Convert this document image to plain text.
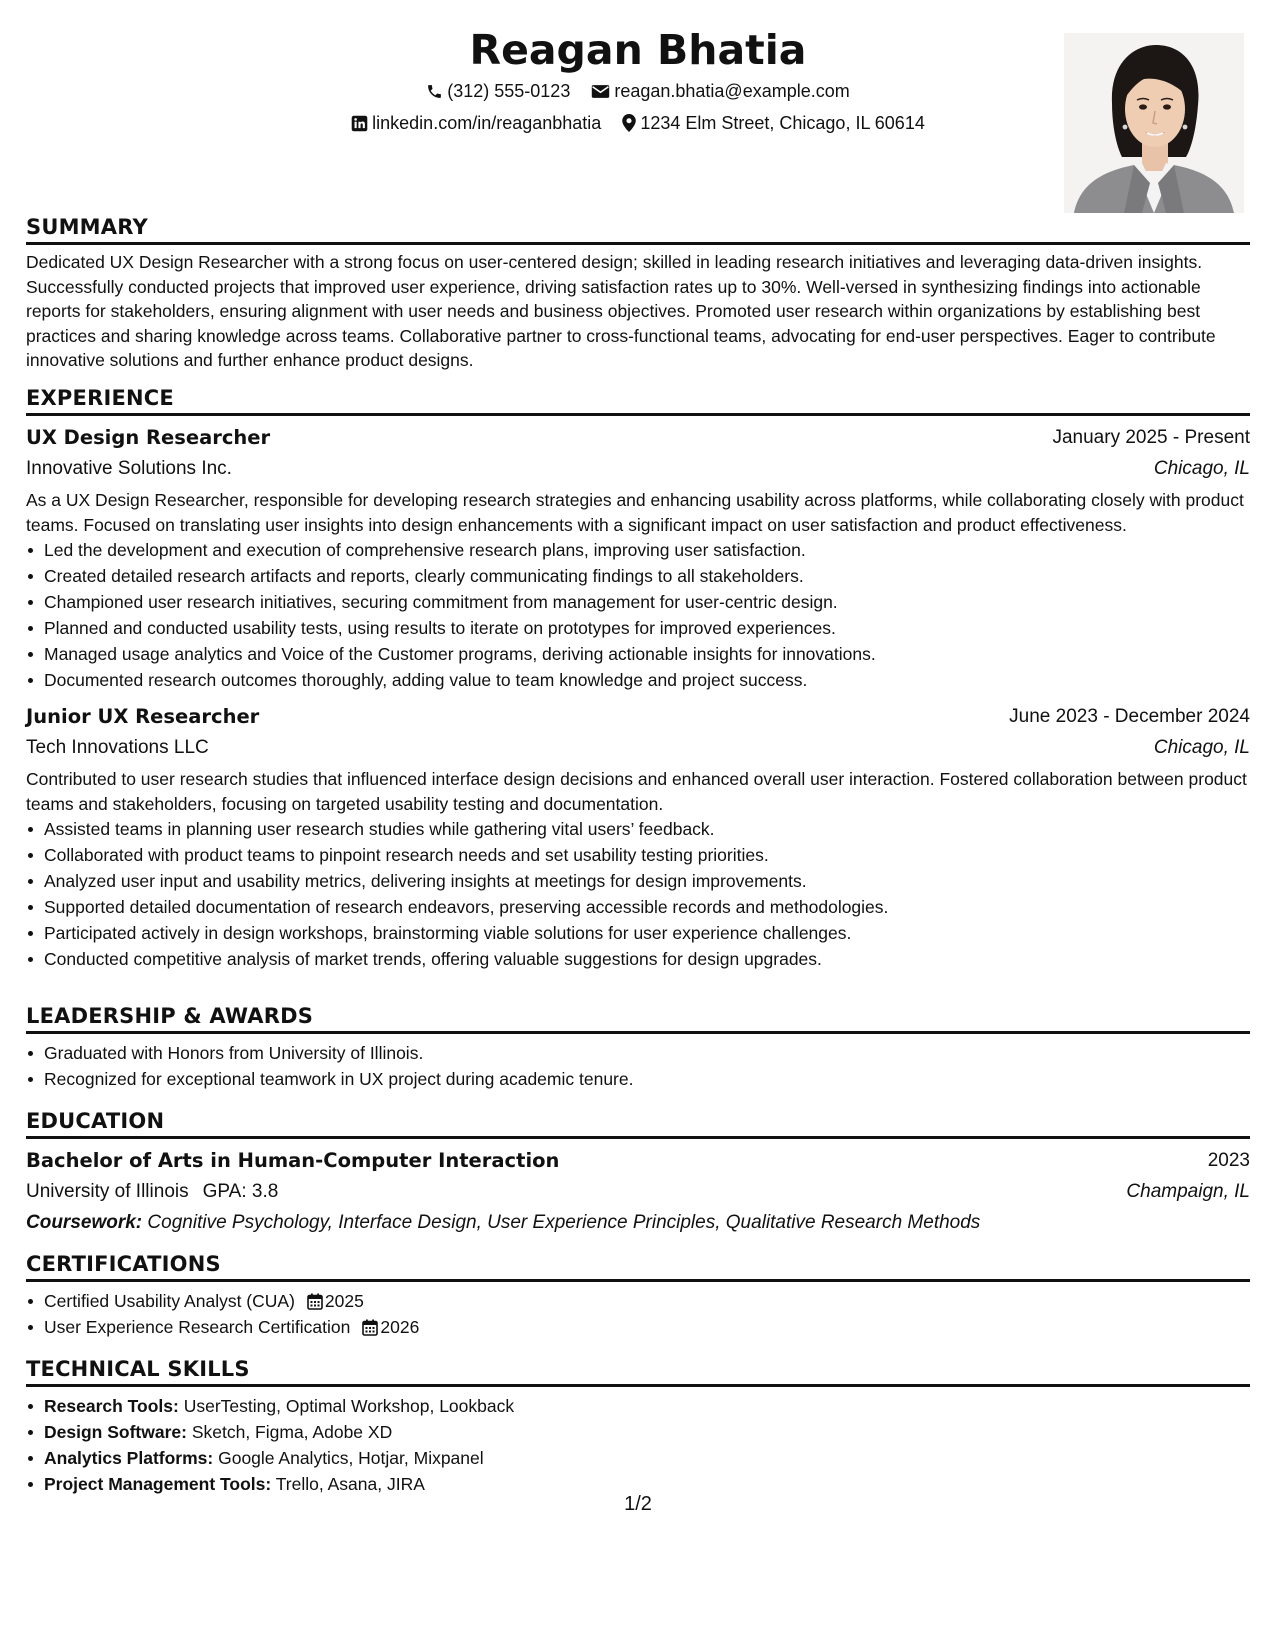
Reagan Bhatia
(312) 555-0123 reagan.bhatia@example.com
linkedin.com/in/reaganbhatia 1234 Elm Street, Chicago, IL 60614
SUMMARY

Dedicated UX Design Researcher with a strong focus on user-centered design; skilled in leading research initiatives and leveraging data-driven insights. Successfully conducted projects that improved user experience, driving satisfaction rates up to 30%. Well-versed in synthesizing findings into actionable reports for stakeholders, ensuring alignment with user needs and business objectives. Promoted user research within organizations by establishing best practices and sharing knowledge across teams. Collaborative partner to cross-functional teams, advocating for end-user perspectives. Eager to contribute innovative solutions and further enhance product designs.

EXPERIENCE
UX Design Researcher	January 2025 - Present
Innovative Solutions Inc.	Chicago, IL

As a UX Design Researcher, responsible for developing research strategies and enhancing usability across platforms, while collaborating closely with product teams. Focused on translating user insights into design enhancements with a significant impact on user satisfaction and product effectiveness.

Led the development and execution of comprehensive research plans, improving user satisfaction.
Created detailed research artifacts and reports, clearly communicating findings to all stakeholders.
Championed user research initiatives, securing commitment from management for user-centric design.
Planned and conducted usability tests, using results to iterate on prototypes for improved experiences.
Managed usage analytics and Voice of the Customer programs, deriving actionable insights for innovations.
Documented research outcomes thoroughly, adding value to team knowledge and project success.
Junior UX Researcher	June 2023 - December 2024
Tech Innovations LLC	Chicago, IL

Contributed to user research studies that influenced interface design decisions and enhanced overall user interaction. Fostered collaboration between product teams and stakeholders, focusing on targeted usability testing and documentation.

Assisted teams in planning user research studies while gathering vital users’ feedback.
Collaborated with product teams to pinpoint research needs and set usability testing priorities.
Analyzed user input and usability metrics, delivering insights at meetings for design improvements.
Supported detailed documentation of research endeavors, preserving accessible records and methodologies.
Participated actively in design workshops, brainstorming viable solutions for user experience challenges.
Conducted competitive analysis of market trends, offering valuable suggestions for design upgrades.
LEADERSHIP & AWARDS
Graduated with Honors from University of Illinois.
Recognized for exceptional teamwork in UX project during academic tenure.
EDUCATION
Bachelor of Arts in Human-Computer Interaction	2023
University of Illinois GPA: 3.8	Champaign, IL
Coursework: Cognitive Psychology, Interface Design, User Experience Principles, Qualitative Research Methods
CERTIFICATIONS
Certified Usability Analyst (CUA) 2025
User Experience Research Certification 2026
TECHNICAL SKILLS
Research Tools: UserTesting, Optimal Workshop, Lookback
Design Software: Sketch, Figma, Adobe XD
Analytics Platforms: Google Analytics, Hotjar, Mixpanel
Project Management Tools: Trello, Asana, JIRA
1/2
